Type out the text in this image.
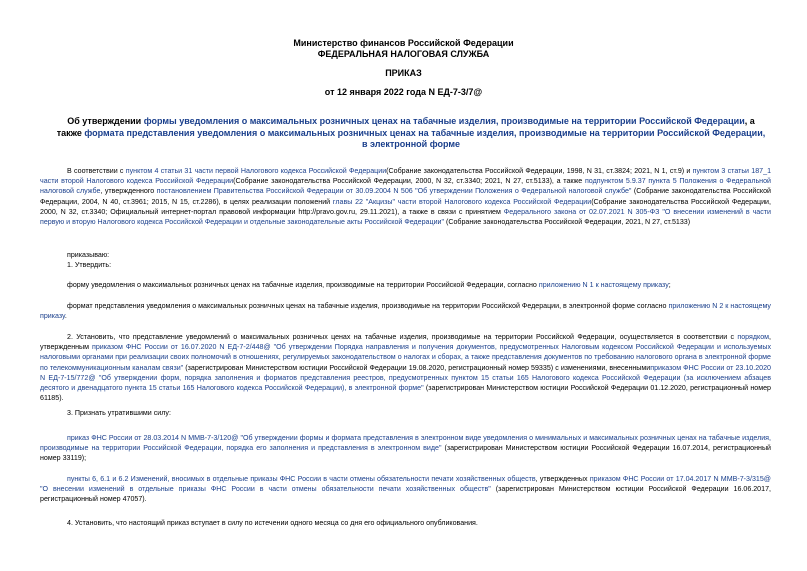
Министерство финансов Российской Федерации
ФЕДЕРАЛЬНАЯ НАЛОГОВАЯ СЛУЖБА
ПРИКАЗ
от 12 января 2022 года N ЕД-7-3/7@
Об утверждении формы уведомления о максимальных розничных ценах на табачные изделия, производимые на территории Российской Федерации, а также формата представления уведомления о максимальных розничных ценах на табачные изделия, производимые на территории Российской Федерации, в электронной форме
В соответствии с пунктом 4 статьи 31 части первой Налогового кодекса Российской Федерации(Собрание законодательства Российской Федерации, 1998, N 31, ст.3824; 2021, N 1, ст.9) и пунктом 3 статьи 187_1 части второй Налогового кодекса Российской Федерации(Собрание законодательства Российской Федерации, 2000, N 32, ст.3340; 2021, N 27, ст.5133), а также подпунктом 5.9.37 пункта 5 Положения о Федеральной налоговой службе, утвержденного постановлением Правительства Российской Федерации от 30.09.2004 N 506 "Об утверждении Положения о Федеральной налоговой службе" (Собрание законодательства Российской Федерации, 2004, N 40, ст.3961; 2015, N 15, ст.2286), в целях реализации положений главы 22 "Акцизы" части второй Налогового кодекса Российской Федерации(Собрание законодательства Российской Федерации, 2000, N 32, ст.3340; Официальный интернет-портал правовой информации http://pravo.gov.ru, 29.11.2021), а также в связи с принятием Федерального закона от 02.07.2021 N 305-ФЗ "О внесении изменений в части первую и вторую Налогового кодекса Российской Федерации и отдельные законодательные акты Российской Федерации" (Собрание законодательства Российской Федерации, 2021, N 27, ст.5133)
приказываю:
1. Утвердить:
форму уведомления о максимальных розничных ценах на табачные изделия, производимые на территории Российской Федерации, согласно приложению N 1 к настоящему приказу;
формат представления уведомления о максимальных розничных ценах на табачные изделия, производимые на территории Российской Федерации, в электронной форме согласно приложению N 2 к настоящему приказу.
2. Установить, что представление уведомлений о максимальных розничных ценах на табачные изделия, производимые на территории Российской Федерации, осуществляется в соответствии с порядком, утвержденным приказом ФНС России от 16.07.2020 N ЕД-7-2/448@ "Об утверждении Порядка направления и получения документов, предусмотренных Налоговым кодексом Российской Федерации и используемых налоговыми органами при реализации своих полномочий в отношениях, регулируемых законодательством о налогах и сборах, а также представления документов по требованию налогового органа в электронной форме по телекоммуникационным каналам связи" (зарегистрирован Министерством юстиции Российской Федерации 19.08.2020, регистрационный номер 59335) с изменениями, внесеннымиприказом ФНС России от 23.10.2020 N ЕД-7-15/772@ "Об утверждении форм, порядка заполнения и форматов представления реестров, предусмотренных пунктом 15 статьи 165 Налогового кодекса Российской Федерации (за исключением абзацев десятого и двенадцатого пункта 15 статьи 165 Налогового кодекса Российской Федерации), в электронной форме" (зарегистрирован Министерством юстиции Российской Федерации 01.12.2020, регистрационный номер 61185).
3. Признать утратившими силу:
приказ ФНС России от 28.03.2014 N ММВ-7-3/120@ "Об утверждении формы и формата представления в электронном виде уведомления о минимальных и максимальных розничных ценах на табачные изделия, производимые на территории Российской Федерации, порядка его заполнения и представления в электронном виде" (зарегистрирован Министерством юстиции Российской Федерации 16.07.2014, регистрационный номер 33119);
пункты 6, 6.1 и 6.2 Изменений, вносимых в отдельные приказы ФНС России в части отмены обязательности печати хозяйственных обществ, утвержденных приказом ФНС России от 17.04.2017 N ММВ-7-3/315@ "О внесении изменений в отдельные приказы ФНС России в части отмены обязательности печати хозяйственных обществ" (зарегистрирован Министерством юстиции Российской Федерации 16.06.2017, регистрационный номер 47057).
4. Установить, что настоящий приказ вступает в силу по истечении одного месяца со дня его официального опубликования.
